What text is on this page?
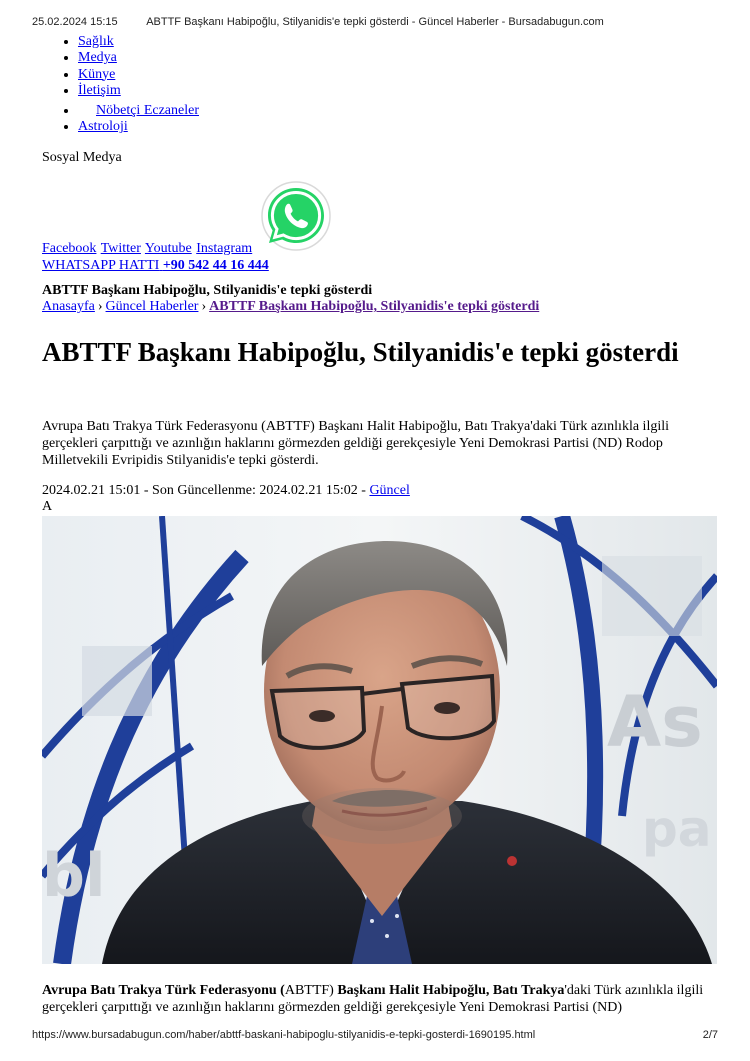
25.02.2024 15:15	ABTTF Başkanı Habipoğlu, Stilyanidis'e tepki gösterdi - Güncel Haberler - Bursadabugun.com
• Sağlık
• Medya
• Künye
• İletişim
• Nöbetçi Eczaneler
• Astroloji
Sosyal Medya
Facebook Twitter Youtube Instagram
WHATSAPP HATTI +90 542 44 16 444
ABTTF Başkanı Habipoğlu, Stilyanidis'e tepki gösterdi
Anasayfa › Güncel Haberler › ABTTF Başkanı Habipoğlu, Stilyanidis'e tepki gösterdi
ABTTF Başkanı Habipoğlu, Stilyanidis'e tepki gösterdi

Avrupa Batı Trakya Türk Federasyonu (ABTTF) Başkanı Halit Habipoğlu, Batı Trakya'daki Türk azınlıkla ilgili gerçekleri çarpıttığı ve azınlığın haklarını görmezden geldiği gerekçesiyle Yeni Demokrasi Partisi (ND) Rodop Milletvekili Evripidis Stilyanidis'e tepki gösterdi.

2024.02.21 15:01 - Son Güncellenme: 2024.02.21 15:02 - Güncel
A
As
bl
pa

Avrupa Batı Trakya Türk Federasyonu (ABTTF) Başkanı Halit Habipoğlu, Batı Trakya'daki Türk azınlıkla ilgili gerçekleri çarpıttığı ve azınlığın haklarını görmezden geldiği gerekçesiyle Yeni Demokrasi Partisi (ND)

https://www.bursadabugun.com/haber/abttf-baskani-habipoglu-stilyanidis-e-tepki-gosterdi-1690195.html	2/7
